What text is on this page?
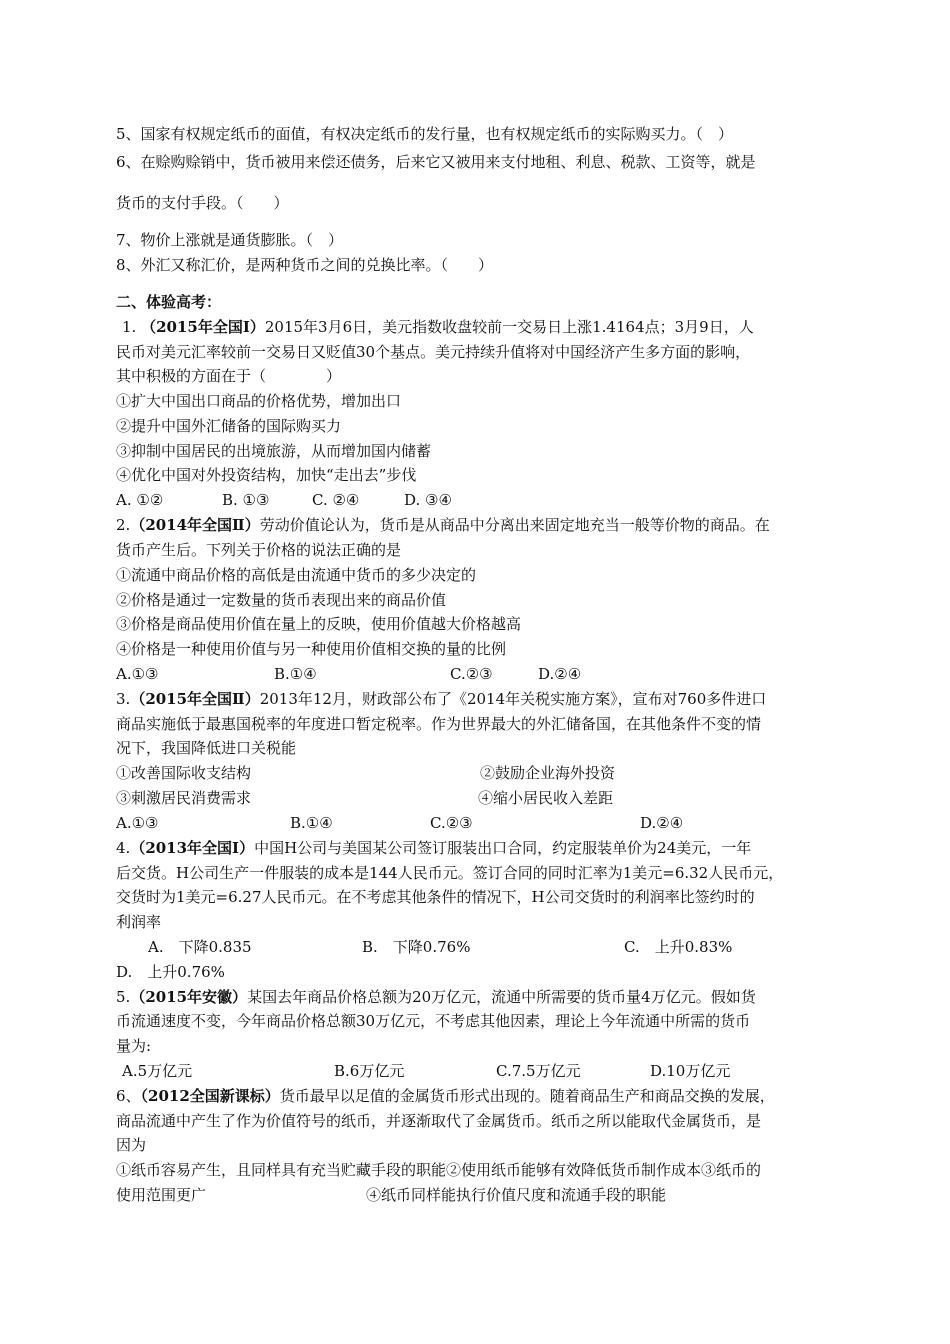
5、国家有权规定纸币的面值，有权决定纸币的发行量，也有权规定纸币的实际购买力。（　）
6、在赊购赊销中，货币被用来偿还债务，后来它又被用来支付地租、利息、税款、工资等，就是
货币的支付手段。（　　）
7、物价上涨就是通货膨胀。（　）
8、外汇又称汇价，是两种货币之间的兑换比率。（　　）
二、体验高考：
1. （2015年全国Ⅰ）2015年3月6日，美元指数收盘较前一交易日上涨1.4164点；3月9日，人
民币对美元汇率较前一交易日又贬值30个基点。美元持续升值将对中国经济产生多方面的影响，
其中积极的方面在于（　　　　）
①扩大中国出口商品的价格优势，增加出口
②提升中国外汇储备的国际购买力
③抑制中国居民的出境旅游，从而增加国内储蓄
④优化中国对外投资结构，加快“走出去”步伐
A. ①②	B. ①③	C. ②④	D. ③④
2.（2014年全国Ⅱ）劳动价值论认为，货币是从商品中分离出来固定地充当一般等价物的商品。在
货币产生后。下列关于价格的说法正确的是
①流通中商品价格的高低是由流通中货币的多少决定的
②价格是通过一定数量的货币表现出来的商品价值
③价格是商品使用价值在量上的反映，使用价值越大价格越高
④价格是一种使用价值与另一种使用价值相交换的量的比例
A.①③	B.①④	C.②③	D.②④
3.（2015年全国Ⅱ）2013年12月，财政部公布了《2014年关税实施方案》，宣布对760多件进口
商品实施低于最惠国税率的年度进口暂定税率。作为世界最大的外汇储备国，在其他条件不变的情
况下，我国降低进口关税能
①改善国际收支结构	②鼓励企业海外投资
③刺激居民消费需求	④缩小居民收入差距
A.①③	B.①④	C.②③	D.②④
4.（2013年全国Ⅰ）中国H公司与美国某公司签订服装出口合同，约定服装单价为24美元，一年
后交货。H公司生产一件服装的成本是144人民币元。签订合同的同时汇率为1美元=6.32人民币元，
交货时为1美元=6.27人民币元。在不考虑其他条件的情况下，H公司交货时的利润率比签约时的
利润率
A.　下降0.835	B.　下降0.76%	C.　上升0.83%
D.　上升0.76%
5.（2015年安徽）某国去年商品价格总额为20万亿元，流通中所需要的货币量4万亿元。假如货
币流通速度不变，今年商品价格总额30万亿元，不考虑其他因素，理论上今年流通中所需的货币
量为:
A.5万亿元	B.6万亿元	C.7.5万亿元	D.10万亿元
6、（2012全国新课标）货币最早以足值的金属货币形式出现的。随着商品生产和商品交换的发展，
商品流通中产生了作为价值符号的纸币，并逐渐取代了金属货币。纸币之所以能取代金属货币，是
因为
①纸币容易产生，且同样具有充当贮藏手段的职能②使用纸币能够有效降低货币制作成本③纸币的
使用范围更广	④纸币同样能执行价值尺度和流通手段的职能
